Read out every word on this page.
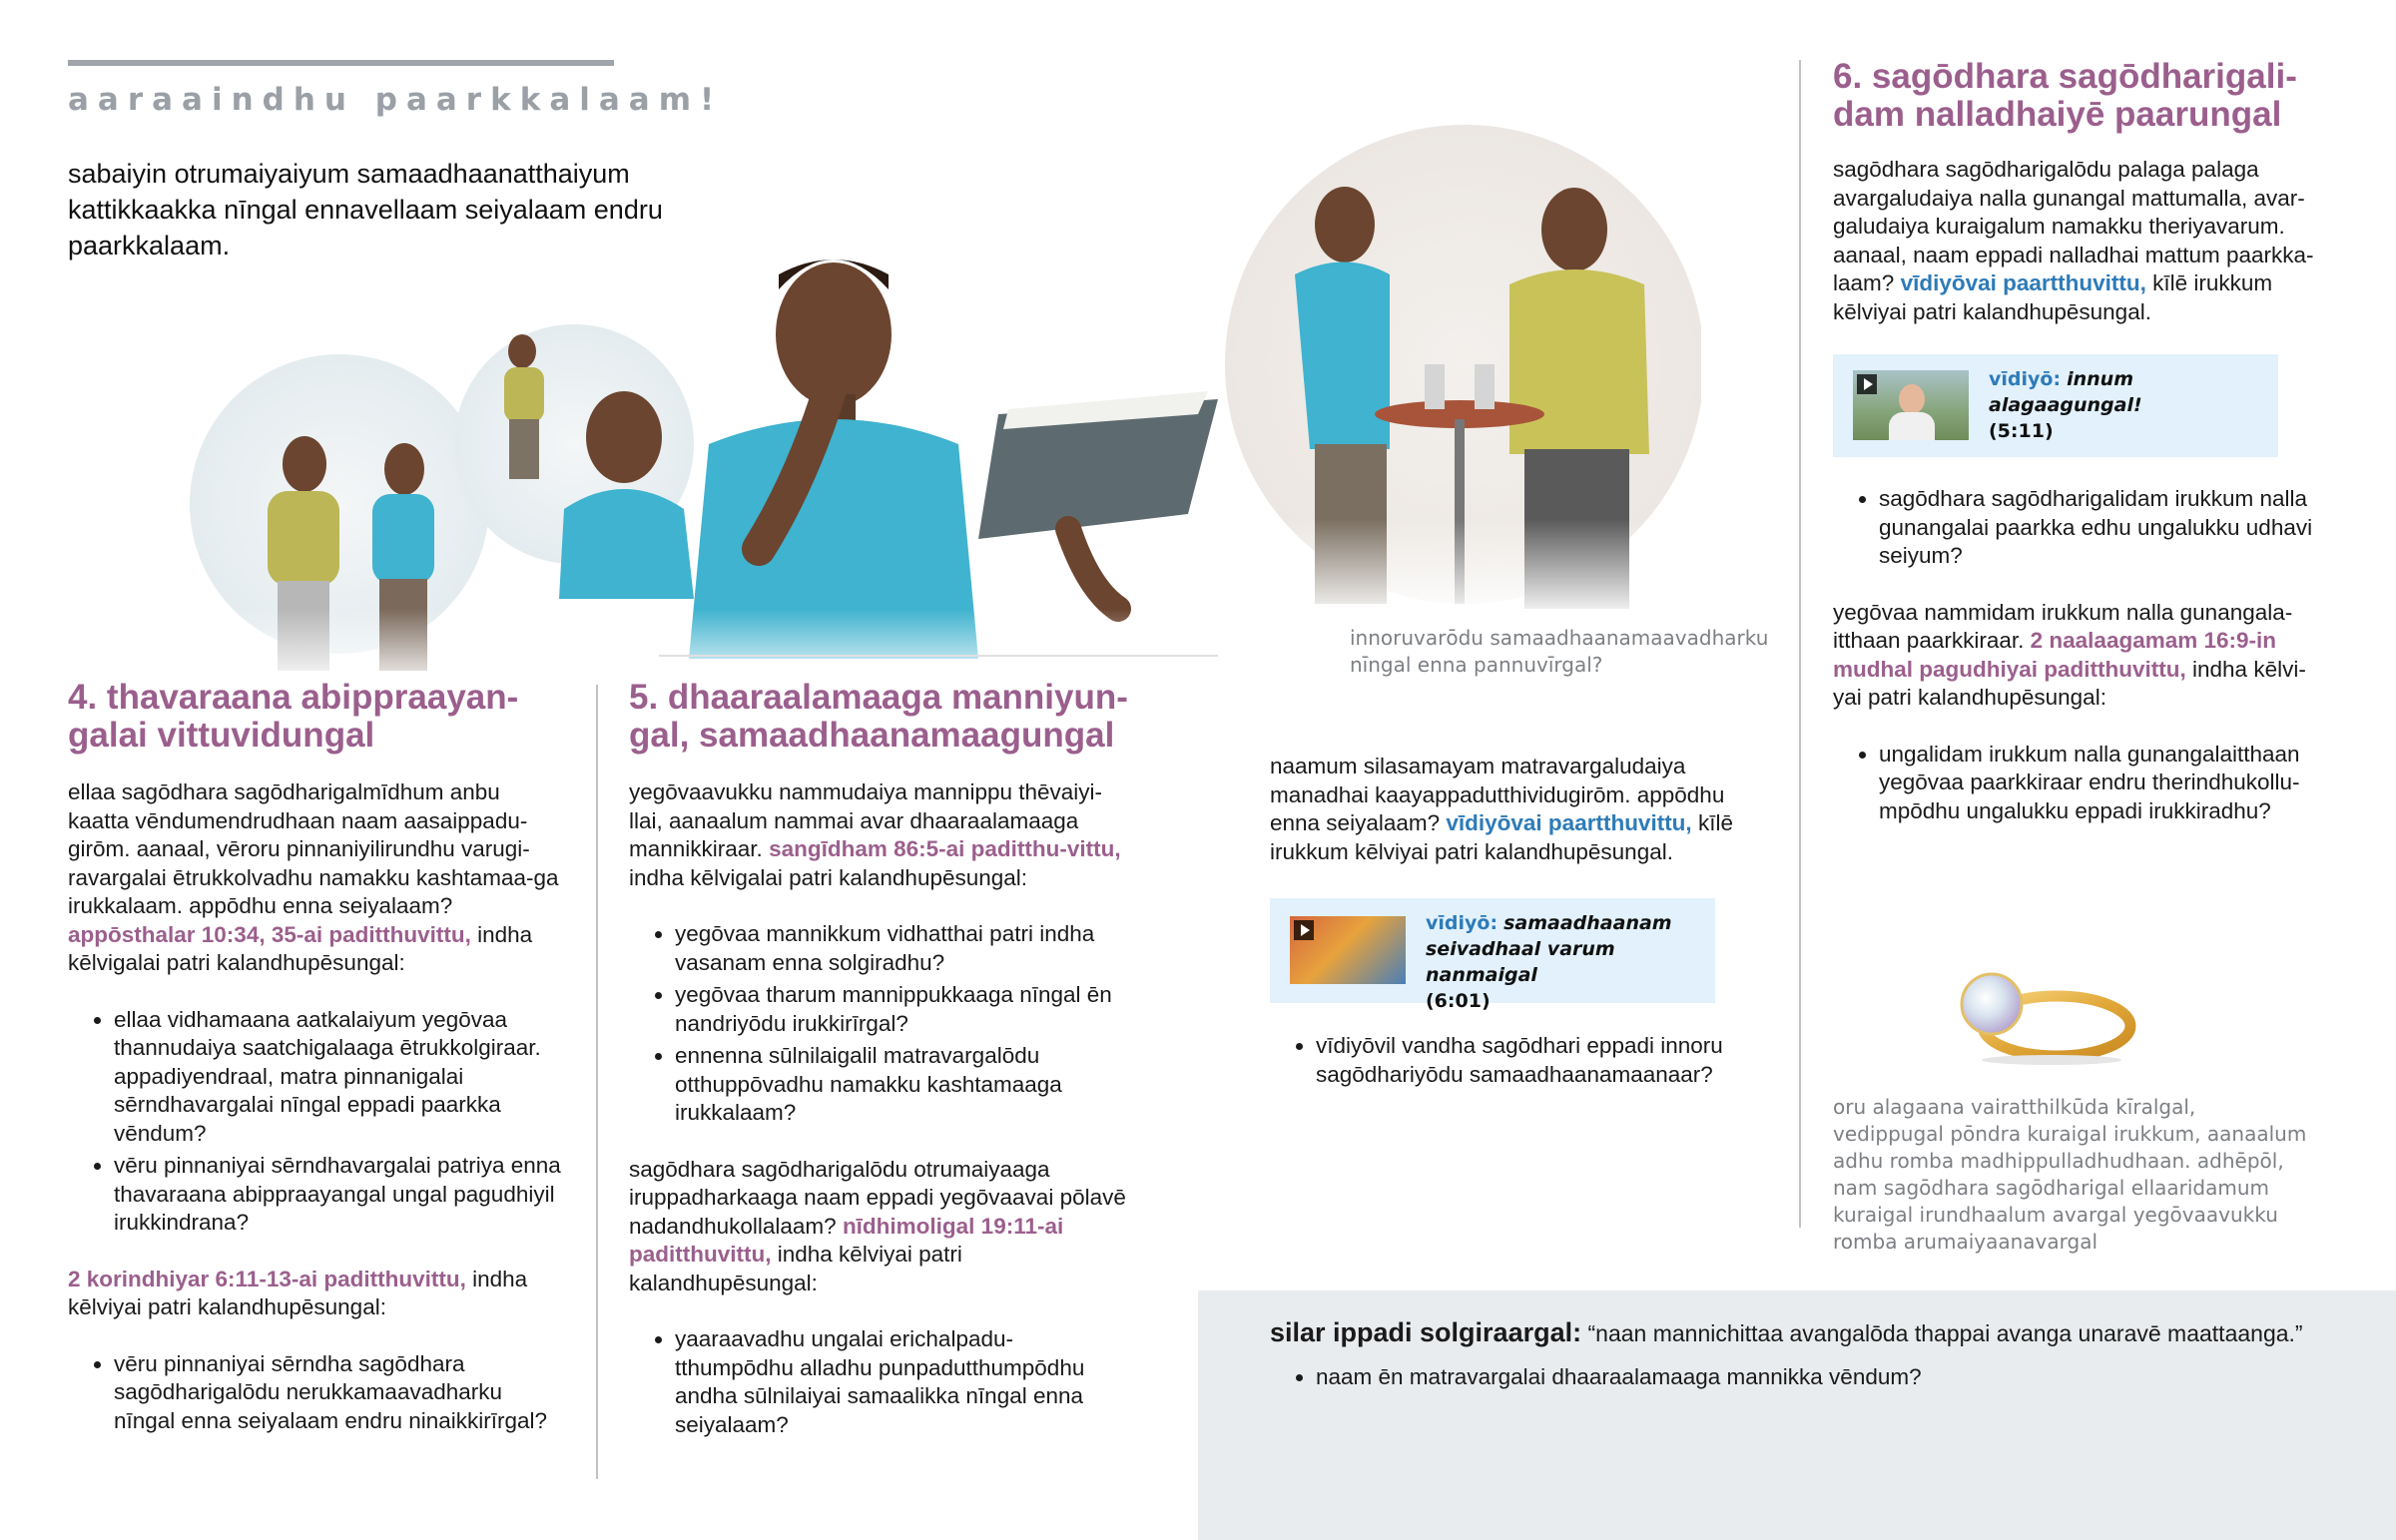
aaraaindhu paarkkalaam!
sabaiyin otrumaiyaiyum samaadhaanatthaiyum kattikkaakka nīngal ennavellaam seiyalaam endru paarkkalaam.
4. thavaraana abippraayan-galai vittuvidungal

ellaa sagōdhara sagōdharigalmīdhum anbu kaatta vēndumendrudhaan naam aasaippadu-girōm. aanaal, vēroru pinnaniyilirundhu varugi-ravargalai ētrukkolvadhu namakku kashtamaa-ga irukkalaam. appōdhu enna seiyalaam? appōsthalar 10:34, 35-ai paditthuvittu, indha kēlvigalai patri kalandhupēsungal:

ellaa vidhamaana aatkalaiyum yegōvaa thannudaiya saatchigalaaga ētrukkolgiraar. appadiyendraal, matra pinnanigalai sērndhavargalai nīngal eppadi paarkka vēndum?
vēru pinnaniyai sērndhavargalai patriya enna thavaraana abippraayangal ungal pagudhiyil irukkindrana?

2 korindhiyar 6:11-13-ai paditthuvittu, indha kēlviyai patri kalandhupēsungal:

vēru pinnaniyai sērndha sagōdhara sagōdharigalōdu nerukkamaavadharku nīngal enna seiyalaam endru ninaikkirīrgal?
5. dhaaraalamaaga manniyun-gal, samaadhaanamaagungal

yegōvaavukku nammudaiya mannippu thēvaiyi-llai, aanaalum nammai avar dhaaraalamaaga mannikkiraar. sangīdham 86:5-ai paditthu-vittu, indha kēlvigalai patri kalandhupēsungal:

yegōvaa mannikkum vidhatthai patri indha vasanam enna solgiradhu?
yegōvaa tharum mannippukkaaga nīngal ēn nandriyōdu irukkirīrgal?
ennenna sūlnilaigalil matravargalōdu otthuppōvadhu namakku kashtamaaga irukkalaam?

sagōdhara sagōdharigalōdu otrumaiyaaga iruppadharkaaga naam eppadi yegōvaavai pōlavē nadandhukollalaam? nīdhimoligal 19:11-ai paditthuvittu, indha kēlviyai patri kalandhupēsungal:

yaaraavadhu ungalai erichalpadu-tthumpōdhu alladhu punpadutthumpōdhu andha sūlnilaiyai samaalikka nīngal enna seiyalaam?
innoruvarōdu samaadhaanamaavadharku nīngal enna pannuvīrgal?

naamum silasamayam matravargaludaiya manadhai kaayappadutthividugirōm. appōdhu enna seiyalaam? vīdiyōvai paartthuvittu, kīlē irukkum kēlviyai patri kalandhupēsungal.

vīdiyō: samaadhaanam seivadhaal varum nanmaigal
(6:01)
vīdiyōvil vandha sagōdhari eppadi innoru sagōdhariyōdu samaadhaanamaanaar?
6. sagōdhara sagōdharigali-dam nalladhaiyē paarungal

sagōdhara sagōdharigalōdu palaga palaga avargaludaiya nalla gunangal mattumalla, avar-galudaiya kuraigalum namakku theriyavarum. aanaal, naam eppadi nalladhai mattum paarkka-laam? vīdiyōvai paartthuvittu, kīlē irukkum kēlviyai patri kalandhupēsungal.

vīdiyō: innum alagaagungal!
(5:11)
sagōdhara sagōdharigalidam irukkum nalla gunangalai paarkka edhu ungalukku udhavi seiyum?

yegōvaa nammidam irukkum nalla gunangala-itthaan paarkkiraar. 2 naalaagamam 16:9-in mudhal pagudhiyai paditthuvittu, indha kēlvi-yai patri kalandhupēsungal:

ungalidam irukkum nalla gunangalaitthaan yegōvaa paarkkiraar endru therindhukollu-mpōdhu ungalukku eppadi irukkiradhu?
oru alagaana vairatthilkūda kīralgal, vedippugal pōndra kuraigal irukkum, aanaalum adhu romba madhippulladhudhaan. adhēpōl, nam sagōdhara sagōdharigal ellaaridamum kuraigal irundhaalum avargal yegōvaavukku romba arumaiyaanavargal
silar ippadi solgiraargal: “naan mannichittaa avangalōda thappai avanga unaravē maattaanga.”
naam ēn matravargalai dhaaraalamaaga mannikka vēndum?
